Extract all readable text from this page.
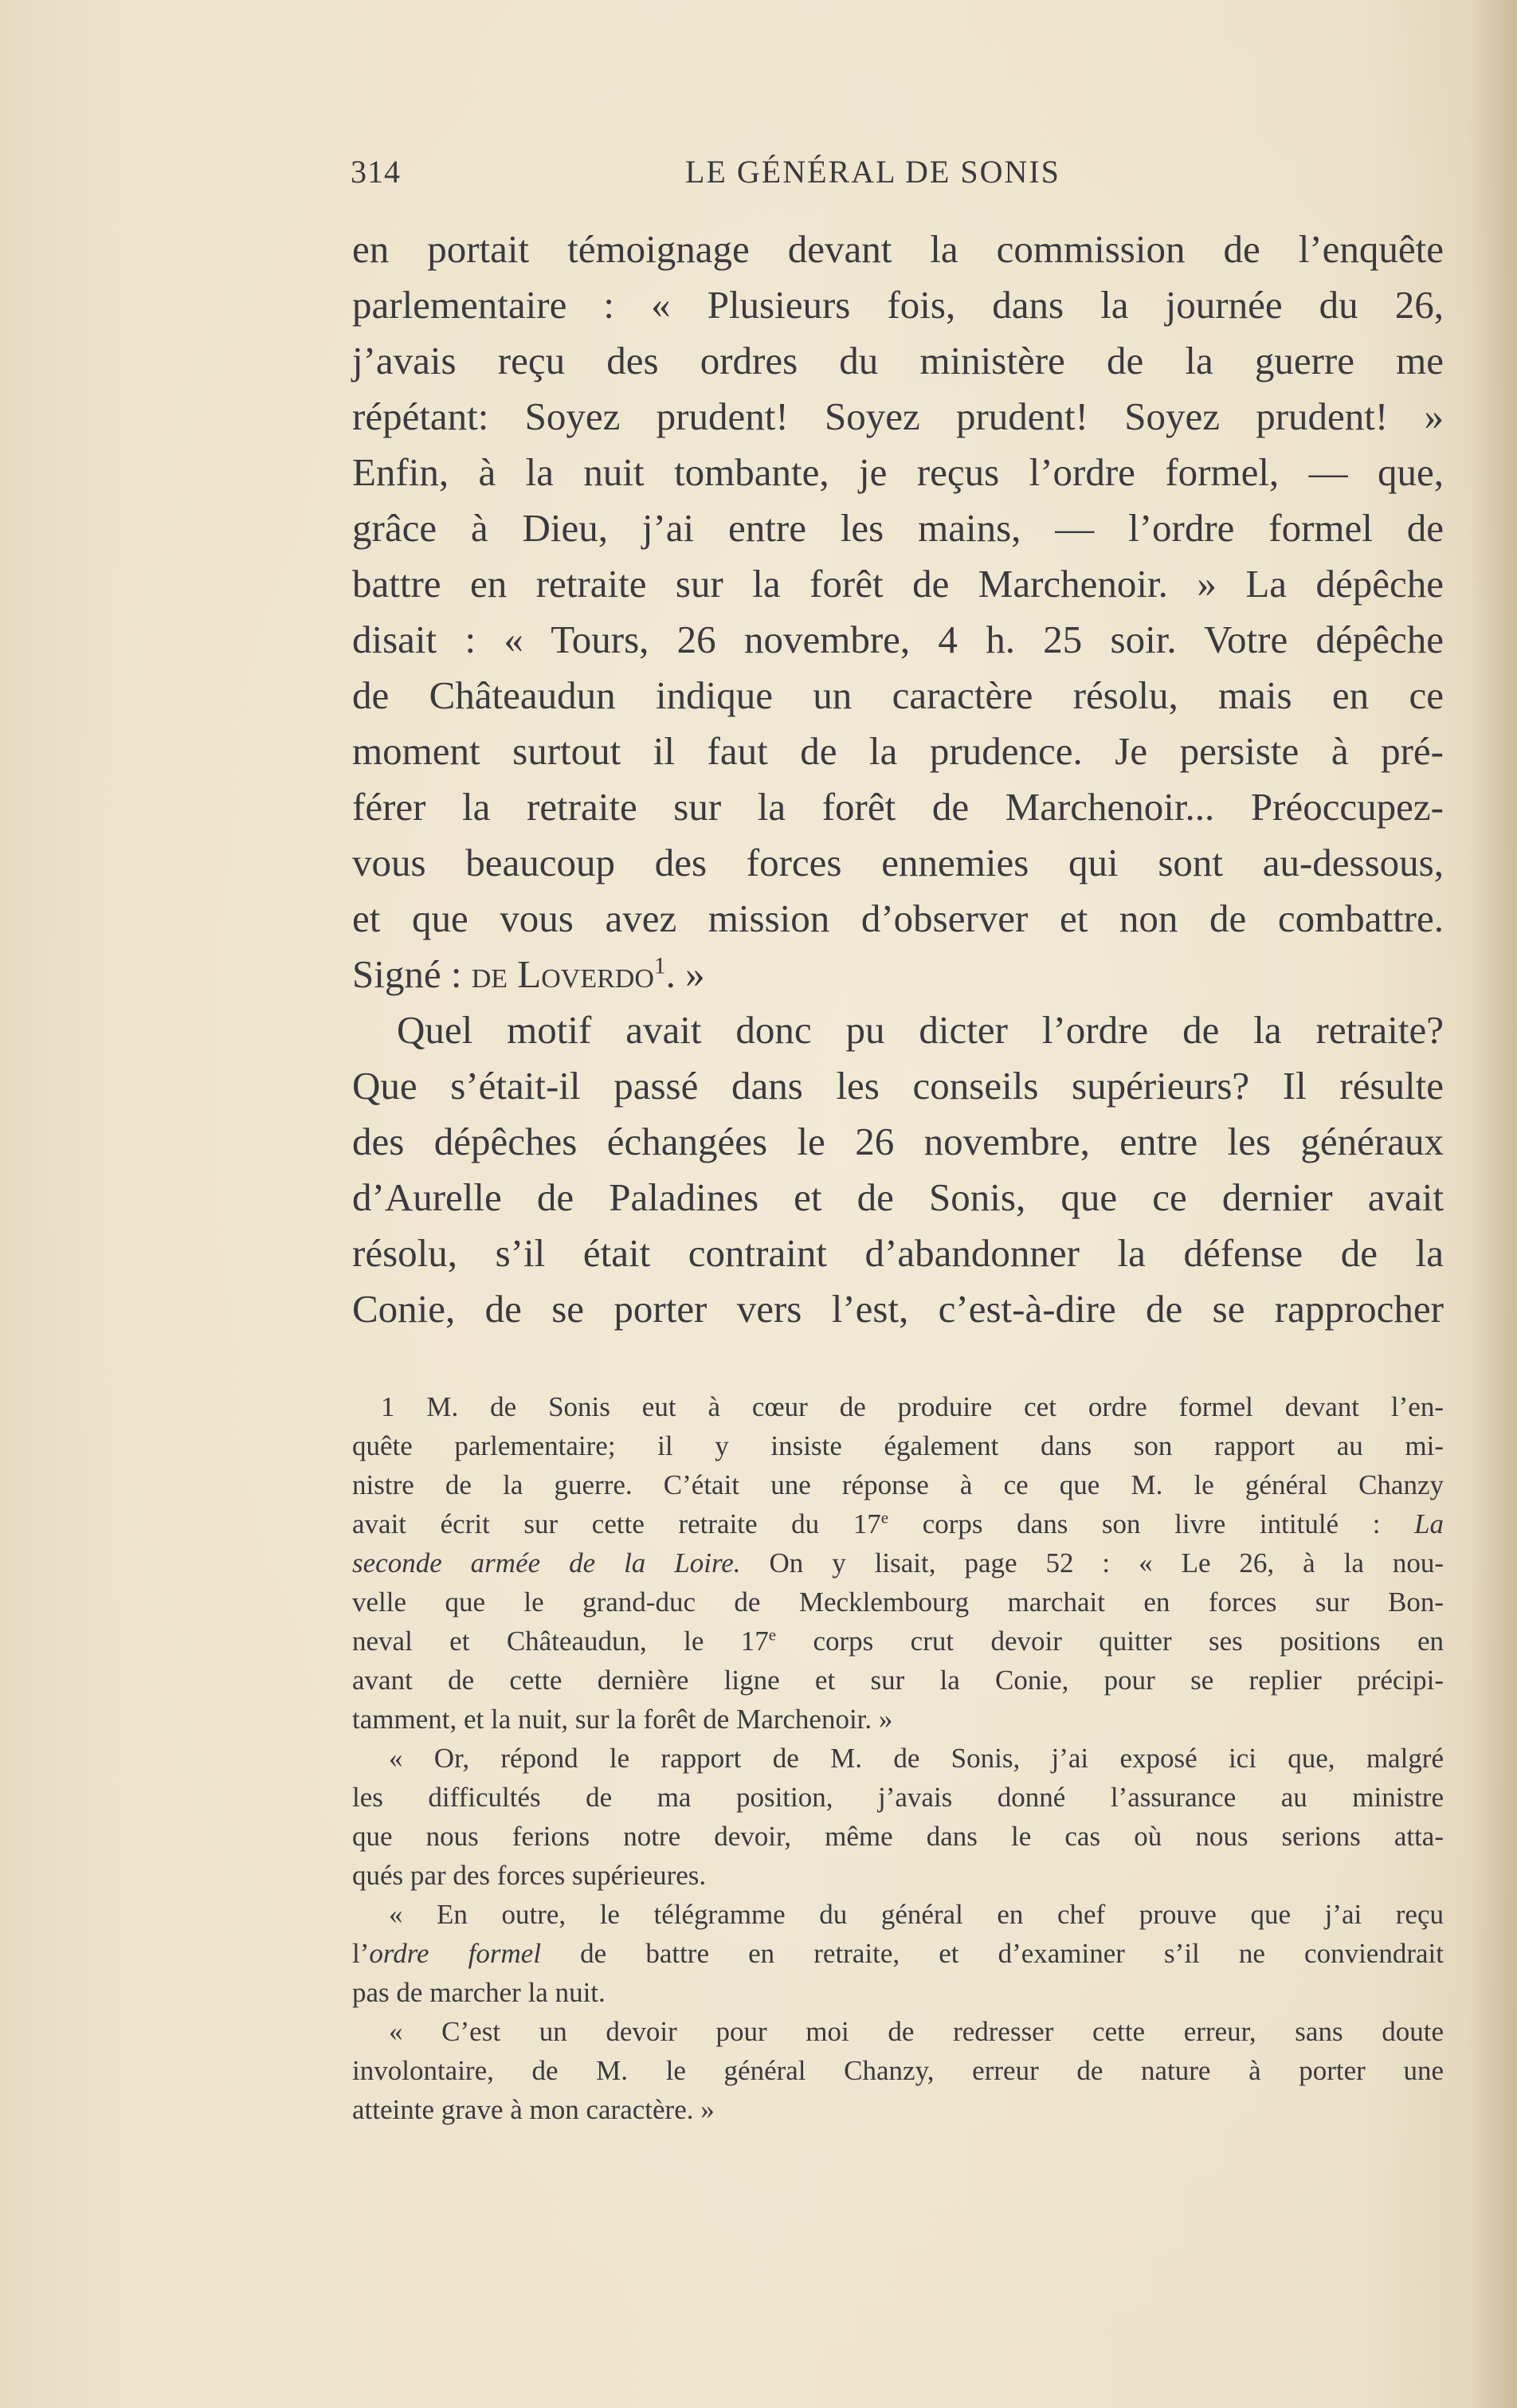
314	LE GÉNÉRAL DE SONIS
en portait témoignage devant la commission de l’enquête
parlementaire : « Plusieurs fois, dans la journée du 26,
j’avais reçu des ordres du ministère de la guerre me
répétant: Soyez prudent! Soyez prudent! Soyez prudent! »
Enfin, à la nuit tombante, je reçus l’ordre formel, — que,
grâce à Dieu, j’ai entre les mains, — l’ordre formel de
battre en retraite sur la forêt de Marchenoir. » La dépêche
disait : « Tours, 26 novembre, 4 h. 25 soir. Votre dépêche
de Châteaudun indique un caractère résolu, mais en ce
moment surtout il faut de la prudence. Je persiste à pré-
férer la retraite sur la forêt de Marchenoir... Préoccupez-
vous beaucoup des forces ennemies qui sont au-dessous,
et que vous avez mission d’observer et non de combattre.
Signé : de Loverdo$^1$. »
Quel motif avait donc pu dicter l’ordre de la retraite?
Que s’était-il passé dans les conseils supérieurs? Il résulte
des dépêches échangées le 26 novembre, entre les généraux
d’Aurelle de Paladines et de Sonis, que ce dernier avait
résolu, s’il était contraint d’abandonner la défense de la
Conie, de se porter vers l’est, c’est-à-dire de se rapprocher
1 M. de Sonis eut à cœur de produire cet ordre formel devant l’en-
quête parlementaire; il y insiste également dans son rapport au mi-
nistre de la guerre. C’était une réponse à ce que M. le général Chanzy
avait écrit sur cette retraite du 17e corps dans son livre intitulé : La
seconde armée de la Loire. On y lisait, page 52 : « Le 26, à la nou-
velle que le grand-duc de Mecklembourg marchait en forces sur Bon-
neval et Châteaudun, le 17e corps crut devoir quitter ses positions en
avant de cette dernière ligne et sur la Conie, pour se replier précipi-
tamment, et la nuit, sur la forêt de Marchenoir. »
« Or, répond le rapport de M. de Sonis, j’ai exposé ici que, malgré
les difficultés de ma position, j’avais donné l’assurance au ministre
que nous ferions notre devoir, même dans le cas où nous serions atta-
qués par des forces supérieures.
« En outre, le télégramme du général en chef prouve que j’ai reçu
l’ordre formel de battre en retraite, et d’examiner s’il ne conviendrait
pas de marcher la nuit.
« C’est un devoir pour moi de redresser cette erreur, sans doute
involontaire, de M. le général Chanzy, erreur de nature à porter une
atteinte grave à mon caractère. »
